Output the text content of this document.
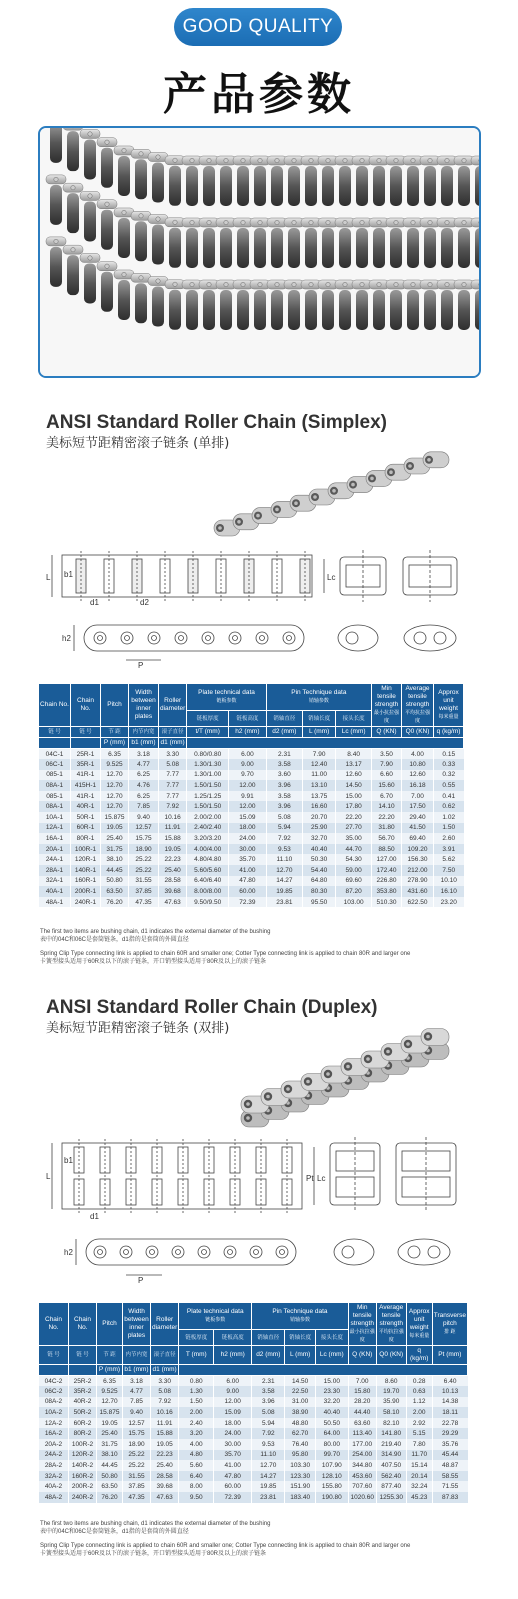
GOOD QUALITY
产品参数
ANSI Standard Roller Chain (Simplex)
美标短节距精密滚子链条 (单排)
L b1
d1	d2
Lc
h2
P
Chain No.	Chain No.	Pitch	Width between inner plates	Roller diameter	Plate technical data
链板参数		Pin Technique data
销轴参数			Min tensile strength
最小抗拉强度	Average tensile strength
平均抗拉强度	Approx unit weight
每米重量
					链板厚度	链板高度	销轴直径	销轴长度	接头长度			
链 号	链 号	节 距	内节内宽	滚子直径	t/T (mm)	h2 (mm)	d2 (mm)	L (mm)	Lc (mm)	Q (KN)	Q0 (KN)	q (kg/m)
		P (mm)	b1 (mm)	d1 (mm)								
04C-1	25R-1	6.35	3.18	3.30	0.80/0.80	6.00	2.31	7.90	8.40	3.50	4.00	0.15
06C-1	35R-1	9.525	4.77	5.08	1.30/1.30	9.00	3.58	12.40	13.17	7.90	10.80	0.33
085-1	41R-1	12.70	6.25	7.77	1.30/1.00	9.70	3.60	11.00	12.60	6.60	12.60	0.32
08A-1	415H-1	12.70	4.76	7.77	1.50/1.50	12.00	3.96	13.10	14.50	15.60	16.18	0.55
085-1	41R-1	12.70	6.25	7.77	1.25/1.25	9.91	3.58	13.75	15.00	6.70	7.00	0.41
08A-1	40R-1	12.70	7.85	7.92	1.50/1.50	12.00	3.96	16.60	17.80	14.10	17.50	0.62
10A-1	50R-1	15.875	9.40	10.16	2.00/2.00	15.09	5.08	20.70	22.20	22.20	29.40	1.02
12A-1	60R-1	19.05	12.57	11.91	2.40/2.40	18.00	5.94	25.90	27.70	31.80	41.50	1.50
16A-1	80R-1	25.40	15.75	15.88	3.20/3.20	24.00	7.92	32.70	35.00	56.70	69.40	2.60
20A-1	100R-1	31.75	18.90	19.05	4.00/4.00	30.00	9.53	40.40	44.70	88.50	109.20	3.91
24A-1	120R-1	38.10	25.22	22.23	4.80/4.80	35.70	11.10	50.30	54.30	127.00	156.30	5.62
28A-1	140R-1	44.45	25.22	25.40	5.60/5.60	41.00	12.70	54.40	59.00	172.40	212.00	7.50
32A-1	160R-1	50.80	31.55	28.58	6.40/6.40	47.80	14.27	64.80	69.60	226.80	278.90	10.10
40A-1	200R-1	63.50	37.85	39.68	8.00/8.00	60.00	19.85	80.30	87.20	353.80	431.60	16.10
48A-1	240R-1	76.20	47.35	47.63	9.50/9.50	72.39	23.81	95.50	103.00	510.30	622.50	23.20
The first two items are bushing chain, d1 indicates the external diameter of the bushing
表中的04C和06C是套筒链条，d1指的是套筒的外圆直径
Spring Clip Type connecting link is applied to chain 60R and smaller one; Cotter Type connecting link is applied to chain 80R and larger one
卡簧型接头适用于60R及以下的滚子链条，开口销型接头适用于80R及以上的滚子链条
ANSI Standard Roller Chain (Duplex)
美标短节距精密滚子链条 (双排)
L
b1
d1
Pt Lc
h2
P
Chain No.	Chain No.	Pitch	Width between inner plates	Roller diameter	Plate technical data
链板参数		Pin Technique data
销轴参数			Min tensile strength
最小抗拉强度	Average tensile strength
平均抗拉强度	Approx unit weight
每米重量	Transverse pitch
排 距
					链板厚度	链板高度	销轴直径	销轴长度	接头长度				
链 号	链 号	节 距	内节内宽	滚子直径	T (mm)	h2 (mm)	d2 (mm)	L (mm)	Lc (mm)	Q (KN)	Q0 (KN)	q (kg/m)	Pt (mm)
		P (mm)	b1 (mm)	d1 (mm)									
04C-2	25R-2	6.35	3.18	3.30	0.80	6.00	2.31	14.50	15.00	7.00	8.60	0.28	6.40
06C-2	35R-2	9.525	4.77	5.08	1.30	9.00	3.58	22.50	23.30	15.80	19.70	0.63	10.13
08A-2	40R-2	12.70	7.85	7.92	1.50	12.00	3.96	31.00	32.20	28.20	35.90	1.12	14.38
10A-2	50R-2	15.875	9.40	10.16	2.00	15.09	5.08	38.90	40.40	44.40	58.10	2.00	18.11
12A-2	60R-2	19.05	12.57	11.91	2.40	18.00	5.94	48.80	50.50	63.60	82.10	2.92	22.78
16A-2	80R-2	25.40	15.75	15.88	3.20	24.00	7.92	62.70	64.00	113.40	141.80	5.15	29.29
20A-2	100R-2	31.75	18.90	19.05	4.00	30.00	9.53	76.40	80.00	177.00	219.40	7.80	35.76
24A-2	120R-2	38.10	25.22	22.23	4.80	35.70	11.10	95.80	99.70	254.00	314.90	11.70	45.44
28A-2	140R-2	44.45	25.22	25.40	5.60	41.00	12.70	103.30	107.90	344.80	407.50	15.14	48.87
32A-2	160R-2	50.80	31.55	28.58	6.40	47.80	14.27	123.30	128.10	453.60	562.40	20.14	58.55
40A-2	200R-2	63.50	37.85	39.68	8.00	60.00	19.85	151.90	155.80	707.60	877.40	32.24	71.55
48A-2	240R-2	76.20	47.35	47.63	9.50	72.39	23.81	183.40	190.80	1020.60	1255.30	45.23	87.83
The first two items are bushing chain, d1 indicates the external diameter of the bushing
表中的04C和06C是套筒链条，d1指的是套筒的外圆直径
Spring Clip Type connecting link is applied to chain 60R and smaller one; Cotter Type connecting link is applied to chain 80R and larger one
卡簧型接头适用于60R及以下的滚子链条，开口销型接头适用于80R及以上的滚子链条
